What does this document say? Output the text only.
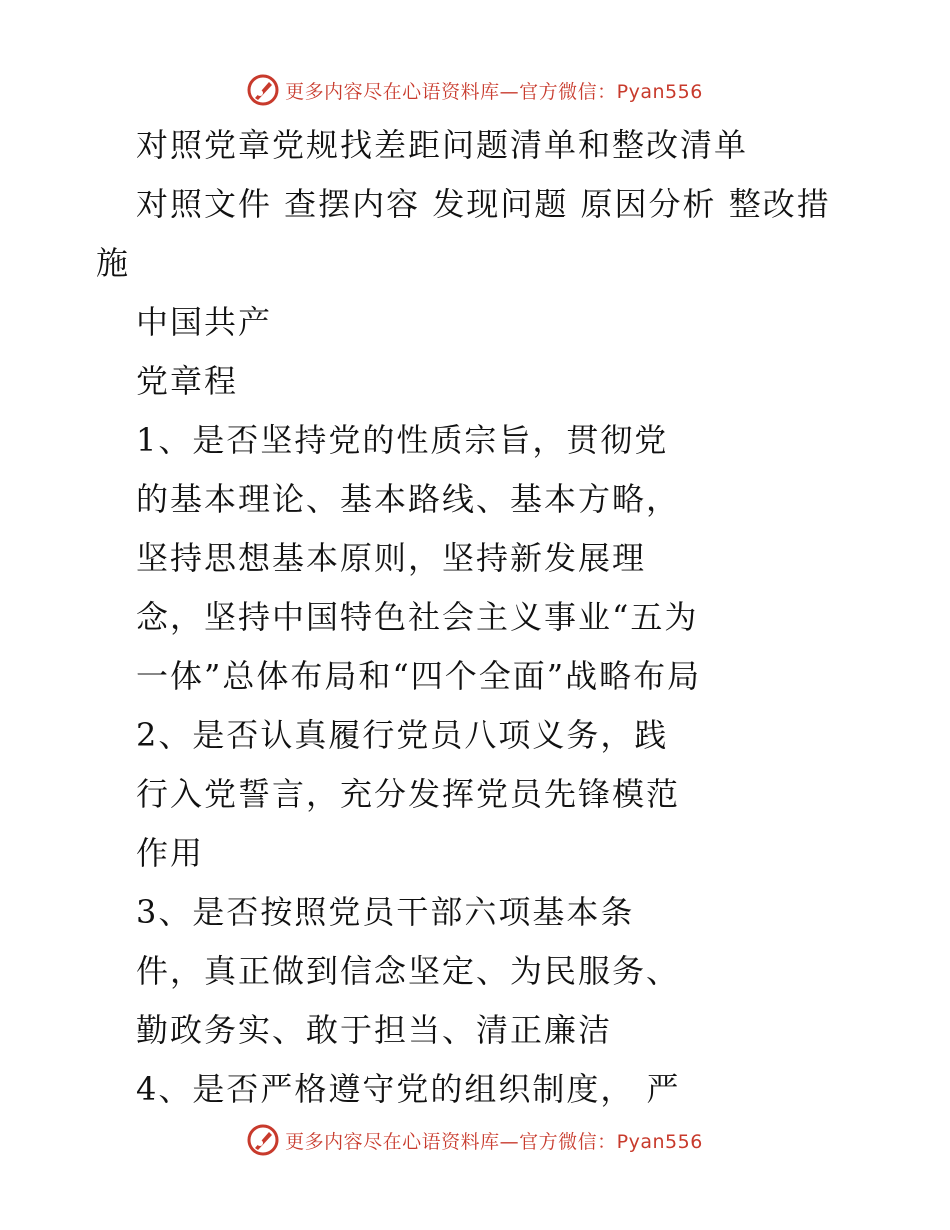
更多内容尽在心语资料库—官方微信：Pyan556
对照党章党规找差距问题清单和整改清单
对照文件 查摆内容 发现问题 原因分析 整改措
施
中国共产
党章程
1、是否坚持党的性质宗旨，贯彻党
的基本理论、基本路线、基本方略，
坚持思想基本原则，坚持新发展理
念，坚持中国特色社会主义事业“五为
一体”总体布局和“四个全面”战略布局
2、是否认真履行党员八项义务，践
行入党誓言，充分发挥党员先锋模范
作用
3、是否按照党员干部六项基本条
件，真正做到信念坚定、为民服务、
勤政务实、敢于担当、清正廉洁
4、是否严格遵守党的组织制度， 严
更多内容尽在心语资料库—官方微信：Pyan556
